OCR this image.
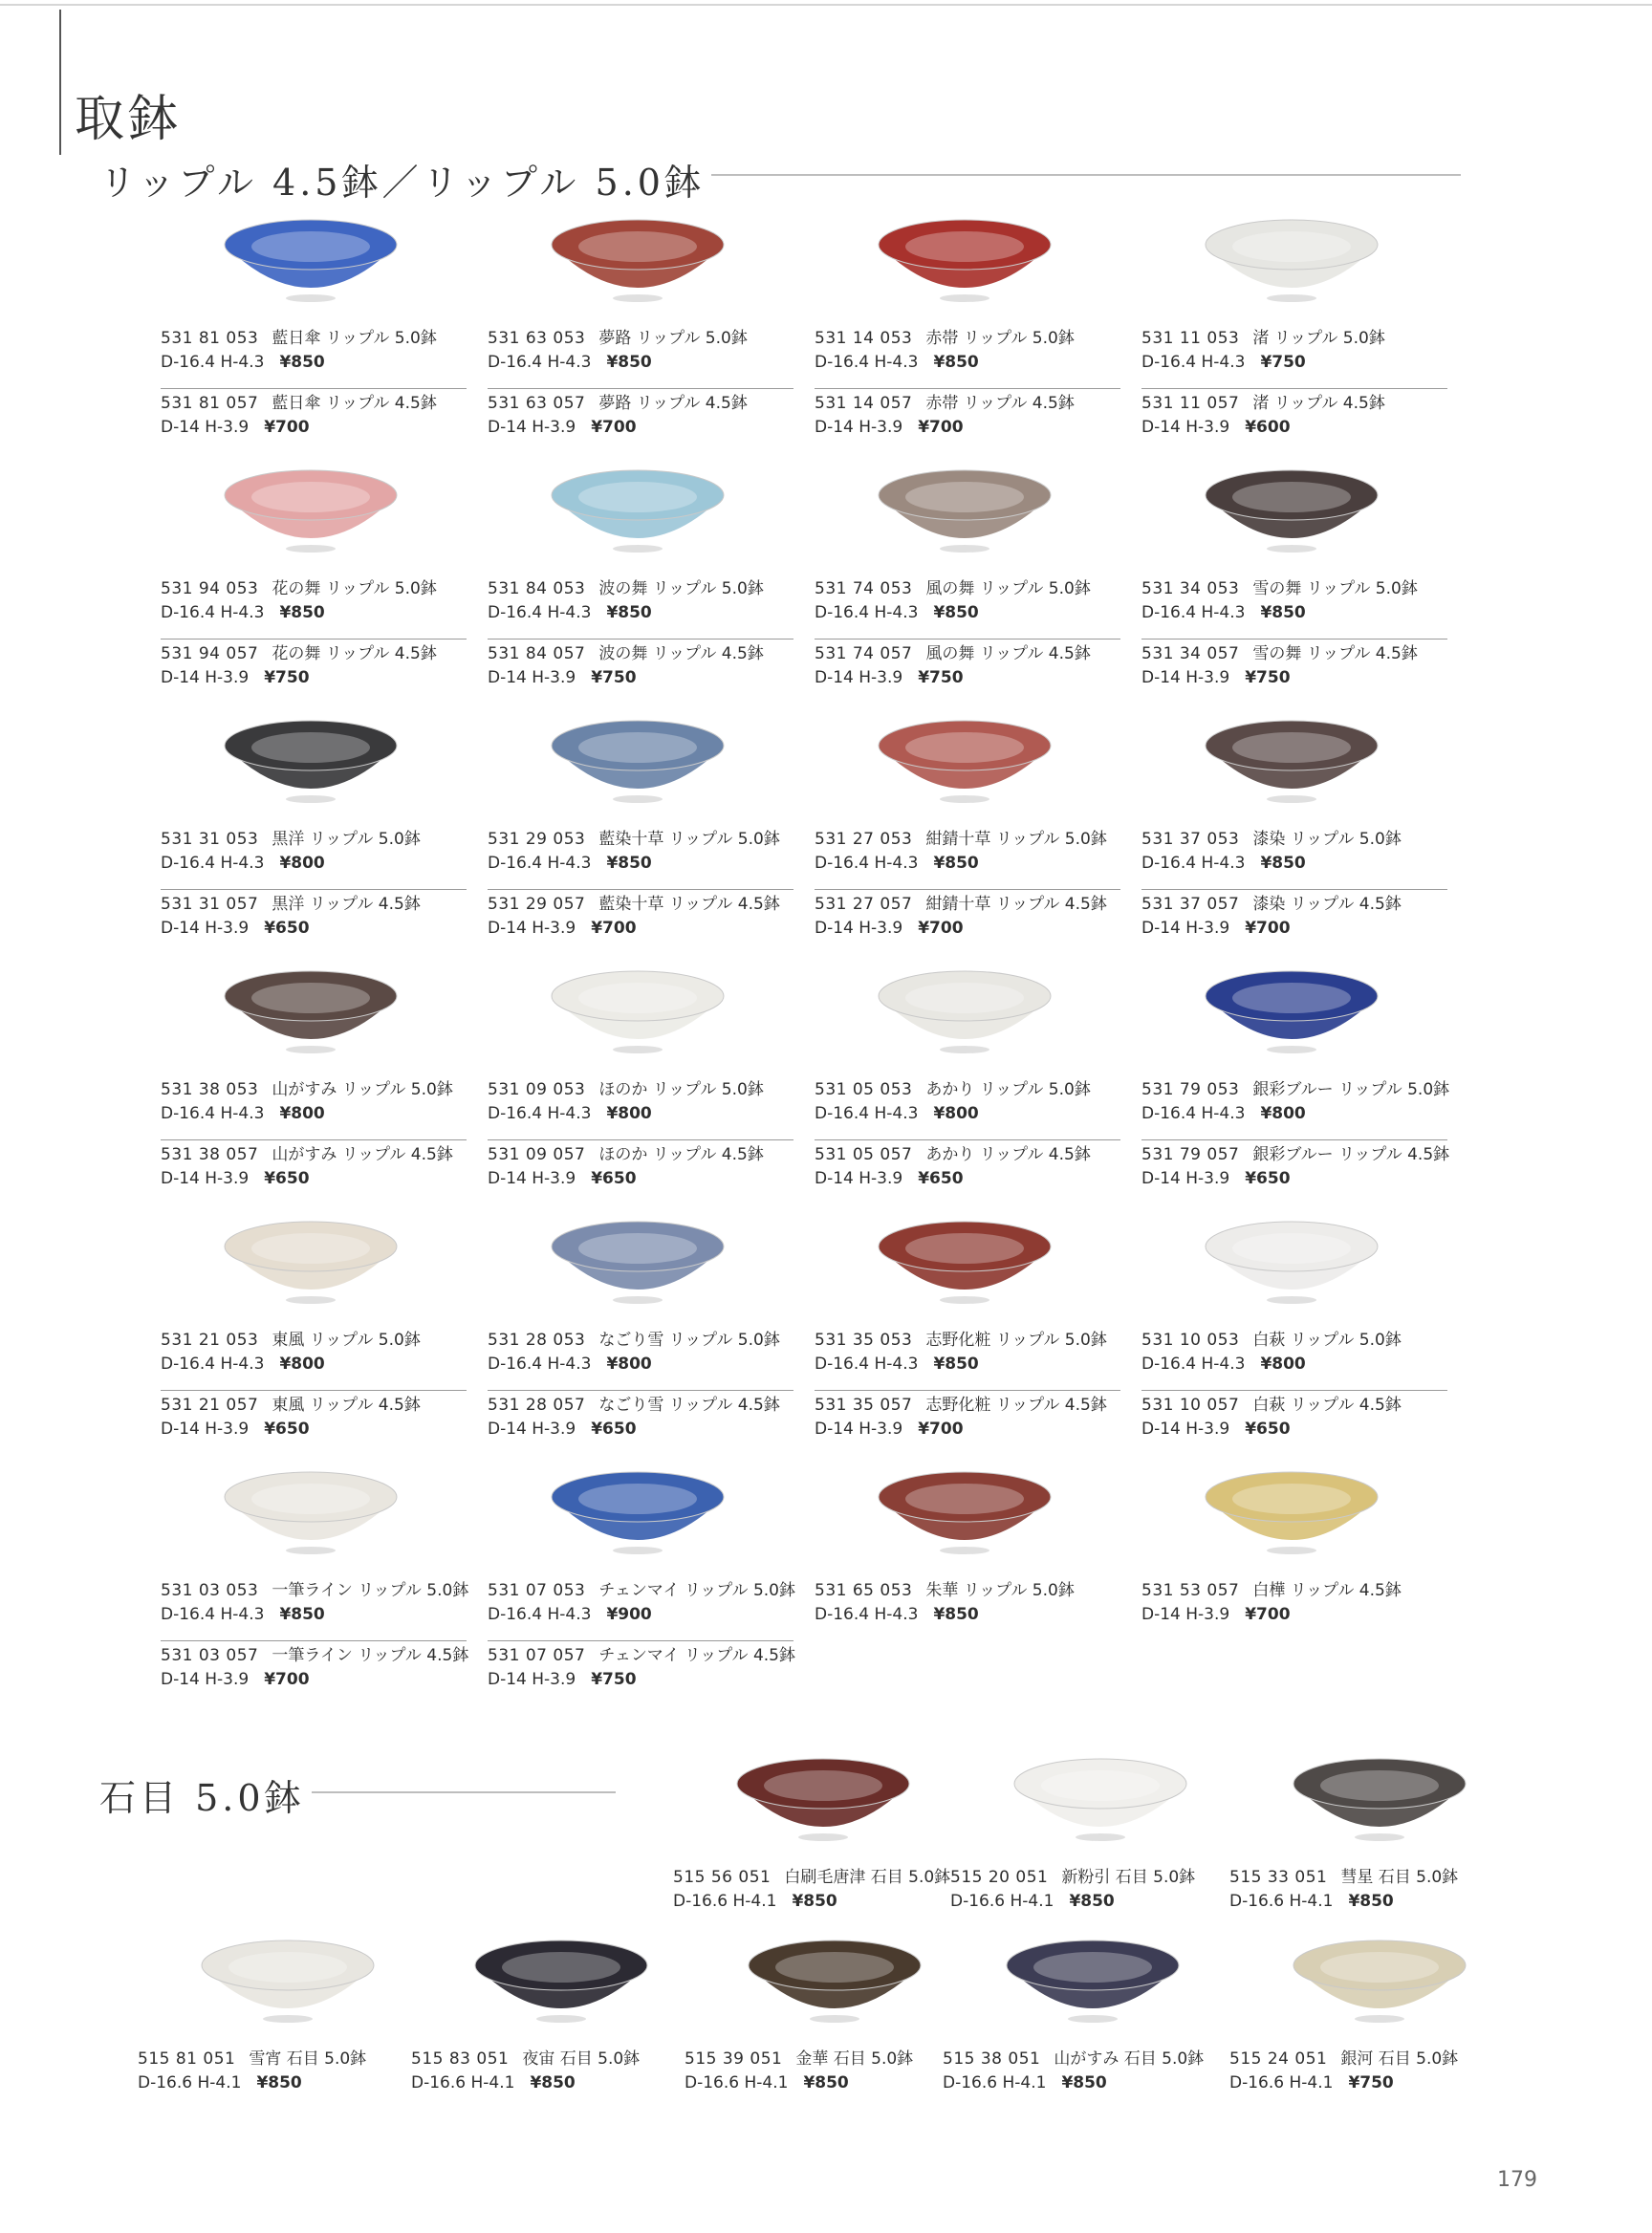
取鉢
リップル 4.5鉢／リップル 5.0鉢
石目 5.0鉢
531 81 053 藍日傘 リップル 5.0鉢
D-16.4 H-4.3 ¥850
531 81 057 藍日傘 リップル 4.5鉢
D-14 H-3.9 ¥700
531 63 053 夢路 リップル 5.0鉢
D-16.4 H-4.3 ¥850
531 63 057 夢路 リップル 4.5鉢
D-14 H-3.9 ¥700
531 14 053 赤帯 リップル 5.0鉢
D-16.4 H-4.3 ¥850
531 14 057 赤帯 リップル 4.5鉢
D-14 H-3.9 ¥700
531 11 053 渚 リップル 5.0鉢
D-16.4 H-4.3 ¥750
531 11 057 渚 リップル 4.5鉢
D-14 H-3.9 ¥600
531 94 053 花の舞 リップル 5.0鉢
D-16.4 H-4.3 ¥850
531 94 057 花の舞 リップル 4.5鉢
D-14 H-3.9 ¥750
531 84 053 波の舞 リップル 5.0鉢
D-16.4 H-4.3 ¥850
531 84 057 波の舞 リップル 4.5鉢
D-14 H-3.9 ¥750
531 74 053 風の舞 リップル 5.0鉢
D-16.4 H-4.3 ¥850
531 74 057 風の舞 リップル 4.5鉢
D-14 H-3.9 ¥750
531 34 053 雪の舞 リップル 5.0鉢
D-16.4 H-4.3 ¥850
531 34 057 雪の舞 リップル 4.5鉢
D-14 H-3.9 ¥750
531 31 053 黒洋 リップル 5.0鉢
D-16.4 H-4.3 ¥800
531 31 057 黒洋 リップル 4.5鉢
D-14 H-3.9 ¥650
531 29 053 藍染十草 リップル 5.0鉢
D-16.4 H-4.3 ¥850
531 29 057 藍染十草 リップル 4.5鉢
D-14 H-3.9 ¥700
531 27 053 紺錆十草 リップル 5.0鉢
D-16.4 H-4.3 ¥850
531 27 057 紺錆十草 リップル 4.5鉢
D-14 H-3.9 ¥700
531 37 053 漆染 リップル 5.0鉢
D-16.4 H-4.3 ¥850
531 37 057 漆染 リップル 4.5鉢
D-14 H-3.9 ¥700
531 38 053 山がすみ リップル 5.0鉢
D-16.4 H-4.3 ¥800
531 38 057 山がすみ リップル 4.5鉢
D-14 H-3.9 ¥650
531 09 053 ほのか リップル 5.0鉢
D-16.4 H-4.3 ¥800
531 09 057 ほのか リップル 4.5鉢
D-14 H-3.9 ¥650
531 05 053 あかり リップル 5.0鉢
D-16.4 H-4.3 ¥800
531 05 057 あかり リップル 4.5鉢
D-14 H-3.9 ¥650
531 79 053 銀彩ブルー リップル 5.0鉢
D-16.4 H-4.3 ¥800
531 79 057 銀彩ブルー リップル 4.5鉢
D-14 H-3.9 ¥650
531 21 053 東風 リップル 5.0鉢
D-16.4 H-4.3 ¥800
531 21 057 東風 リップル 4.5鉢
D-14 H-3.9 ¥650
531 28 053 なごり雪 リップル 5.0鉢
D-16.4 H-4.3 ¥800
531 28 057 なごり雪 リップル 4.5鉢
D-14 H-3.9 ¥650
531 35 053 志野化粧 リップル 5.0鉢
D-16.4 H-4.3 ¥850
531 35 057 志野化粧 リップル 4.5鉢
D-14 H-3.9 ¥700
531 10 053 白萩 リップル 5.0鉢
D-16.4 H-4.3 ¥800
531 10 057 白萩 リップル 4.5鉢
D-14 H-3.9 ¥650
531 03 053 一筆ライン リップル 5.0鉢
D-16.4 H-4.3 ¥850
531 03 057 一筆ライン リップル 4.5鉢
D-14 H-3.9 ¥700
531 07 053 チェンマイ リップル 5.0鉢
D-16.4 H-4.3 ¥900
531 07 057 チェンマイ リップル 4.5鉢
D-14 H-3.9 ¥750
531 65 053 朱華 リップル 5.0鉢
D-16.4 H-4.3 ¥850
531 53 057 白樺 リップル 4.5鉢
D-14 H-3.9 ¥700
515 56 051 白刷毛唐津 石目 5.0鉢
D-16.6 H-4.1 ¥850
515 20 051 新粉引 石目 5.0鉢
D-16.6 H-4.1 ¥850
515 33 051 彗星 石目 5.0鉢
D-16.6 H-4.1 ¥850
515 81 051 雪宵 石目 5.0鉢
D-16.6 H-4.1 ¥850
515 83 051 夜宙 石目 5.0鉢
D-16.6 H-4.1 ¥850
515 39 051 金華 石目 5.0鉢
D-16.6 H-4.1 ¥850
515 38 051 山がすみ 石目 5.0鉢
D-16.6 H-4.1 ¥850
515 24 051 銀河 石目 5.0鉢
D-16.6 H-4.1 ¥750
179
